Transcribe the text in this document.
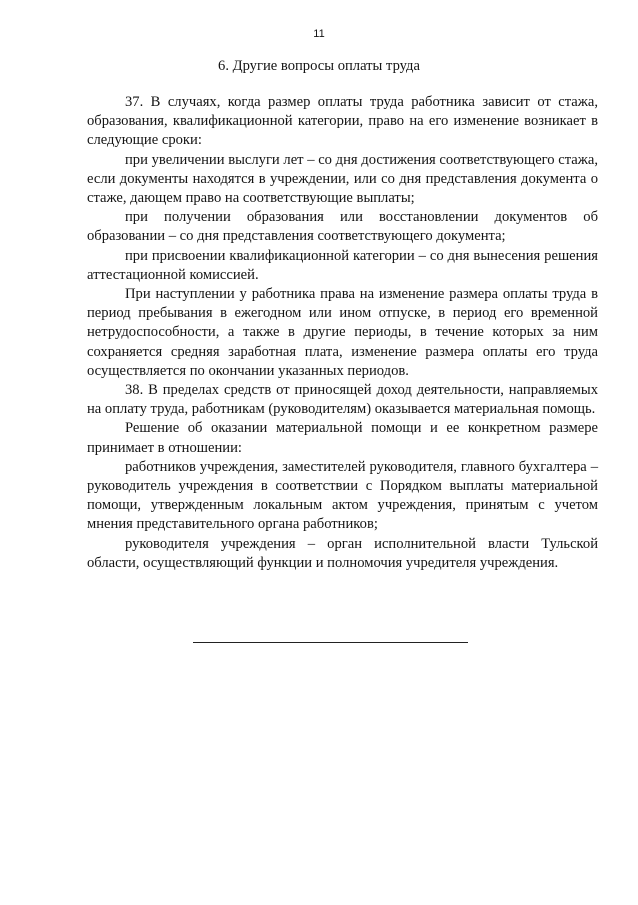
11
6. Другие вопросы оплаты труда

37. В случаях, когда размер оплаты труда работника зависит от стажа, образования, квалификационной категории, право на его изменение возникает в следующие сроки:

при увеличении выслуги лет – со дня достижения соответствующего стажа, если документы находятся в учреждении, или со дня представления документа о стаже, дающем право на соответствующие выплаты;

при получении образования или восстановлении документов об образовании – со дня представления соответствующего документа;

при присвоении квалификационной категории – со дня вынесения решения аттестационной комиссией.

При наступлении у работника права на изменение размера оплаты труда в период пребывания в ежегодном или ином отпуске, в период его временной нетрудоспособности, а также в другие периоды, в течение которых за ним сохраняется средняя заработная плата, изменение размера оплаты его труда осуществляется по окончании указанных периодов.

38. В пределах средств от приносящей доход деятельности, направляемых на оплату труда, работникам (руководителям) оказывается материальная помощь.

Решение об оказании материальной помощи и ее конкретном размере принимает в отношении:

работников учреждения, заместителей руководителя, главного бухгалтера – руководитель учреждения в соответствии с Порядком выплаты материальной помощи, утвержденным локальным актом учреждения, принятым с учетом мнения представительного органа работников;

руководителя учреждения – орган исполнительной власти Тульской области, осуществляющий функции и полномочия учредителя учреждения.
